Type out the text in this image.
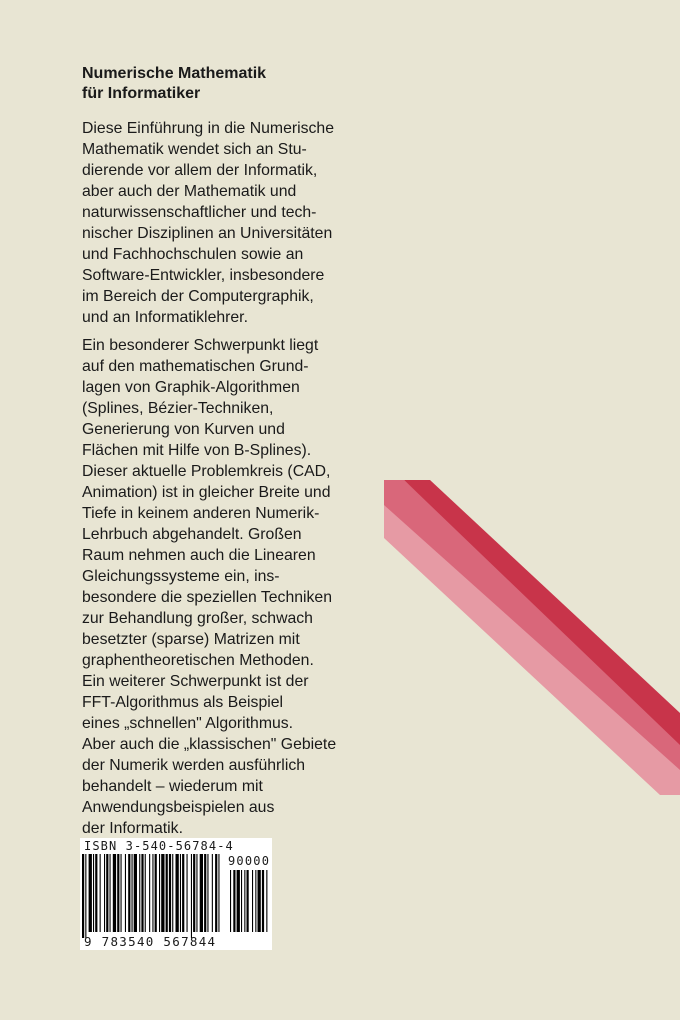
Numerische Mathematik
für Informatiker
Diese Einführung in die Numerische
Mathematik wendet sich an Stu-
dierende vor allem der Informatik,
aber auch der Mathematik und
naturwissenschaftlicher und tech-
nischer Disziplinen an Universitäten
und Fachhochschulen sowie an
Software-Entwickler, insbesondere
im Bereich der Computergraphik,
und an Informatiklehrer.
Ein besonderer Schwerpunkt liegt
auf den mathematischen Grund-
lagen von Graphik-Algorithmen
(Splines, Bézier-Techniken,
Generierung von Kurven und
Flächen mit Hilfe von B-Splines).
Dieser aktuelle Problemkreis (CAD,
Animation) ist in gleicher Breite und
Tiefe in keinem anderen Numerik-
Lehrbuch abgehandelt. Großen
Raum nehmen auch die Linearen
Gleichungssysteme ein, ins-
besondere die speziellen Techniken
zur Behandlung großer, schwach
besetzter (sparse) Matrizen mit
graphentheoretischen Methoden.
Ein weiterer Schwerpunkt ist der
FFT-Algorithmus als Beispiel
eines „schnellen" Algorithmus.
Aber auch die „klassischen" Gebiete
der Numerik werden ausführlich
behandelt – wiederum mit
Anwendungsbeispielen aus
der Informatik.
ISBN 3-540-56784-4
90000
9 783540 567844
